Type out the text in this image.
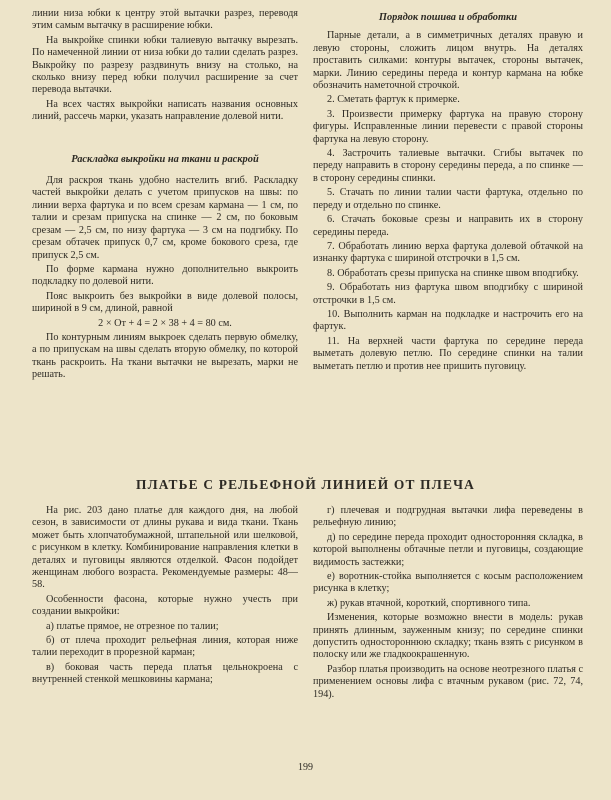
линии низа юбки к центру этой вытачки разрез, переводя этим самым вытачку в расширение юбки.

На выкройке спинки юбки талиевую вытачку вырезать. По намеченной линии от низа юбки до талии сделать разрез. Выкройку по разрезу раздвинуть внизу на столько, на сколько внизу перед юбки получил расширение за счет перевода вытачки.

На всех частях выкройки написать названия основных линий, рассечь марки, указать направление долевой нити.

Раскладка выкройки на ткани и раскрой

Для раскроя ткань удобно настелить вгиб. Раскладку частей выкройки делать с учетом припусков на швы: по линии верха фартука и по всем срезам кармана — 1 см, по талии и срезам припуска на спинке — 2 см, по боковым срезам — 2,5 см, по низу фартука — 3 см на подгибку. По срезам обтачек припуск 0,7 см, кроме бокового среза, где припуск 2,5 см.

По форме кармана нужно дополнительно выкроить подкладку по долевой нити.

Пояс выкроить без выкройки в виде долевой полосы, шириной в 9 см, длиной, равной

2 × От + 4 = 2 × 38 + 4 = 80 см.

По контурным линиям выкроек сделать первую обмелку, а по припускам на швы сделать вторую обмелку, по которой ткань раскроить. На ткани вытачки не вырезать, марки не решать.

Порядок пошива и обработки

Парные детали, а в симметричных деталях правую и левую стороны, сложить лицом внутрь. На деталях проставить силками: контуры вытачек, стороны вытачек, марки. Линию середины переда и контур кармана на юбке обозначить наметочной строчкой.

2. Сметать фартук к примерке.
3. Произвести примерку фартука на правую сторону фигуры. Исправленные линии перевести с правой стороны фартука на левую сторону.
4. Застрочить талиевые вытачки. Сгибы вытачек по переду направить в сторону середины переда, а по спинке — в сторону середины спинки.
5. Стачать по линии талии части фартука, отдельно по переду и отдельно по спинке.
6. Стачать боковые срезы и направить их в сторону середины переда.
7. Обработать линию верха фартука долевой обтачкой на изнанку фартука с шириной отстрочки в 1,5 см.
8. Обработать срезы припуска на спинке швом вподгибку.
9. Обработать низ фартука швом вподгибку с шириной отстрочки в 1,5 см.
10. Выполнить карман на подкладке и настрочить его на фартук.
11. На верхней части фартука по середине переда выметать долевую петлю. По середине спинки на талии выметать петлю и против нее пришить пуговицу.
ПЛАТЬЕ С РЕЛЬЕФНОЙ ЛИНИЕЙ ОТ ПЛЕЧА

На рис. 203 дано платье для каждого дня, на любой сезон, в зависимости от длины рукава и вида ткани. Ткань может быть хлопчатобумажной, штапельной или шелковой, с рисунком в клетку. Комбинирование направления клетки в деталях и пуговицы являются отделкой. Фасон подойдет женщинам любого возраста. Рекомендуемые размеры: 48—58.

Особенности фасона, которые нужно учесть при создании выкройки:

а) платье прямое, не отрезное по талии;

б) от плеча проходит рельефная линия, которая ниже талии переходит в прорезной карман;

в) боковая часть переда платья цельнокроена с внутренней стенкой мешковины кармана;

г) плечевая и подгрудная вытачки лифа переведены в рельефную линию;

д) по середине переда проходит односторонняя складка, в которой выполнены обтачные петли и пуговицы, создающие видимость застежки;

е) воротник-стойка выполняется с косым расположением рисунка в клетку;

ж) рукав втачной, короткий, спортивного типа.

Изменения, которые возможно внести в модель: рукав принять длинным, зауженным книзу; по середине спинки допустить одностороннюю складку; ткань взять с рисунком в полоску или же гладкоокрашенную.

Разбор платья производить на основе неотрезного платья с применением основы лифа с втачным рукавом (рис. 72, 74, 194).

199
